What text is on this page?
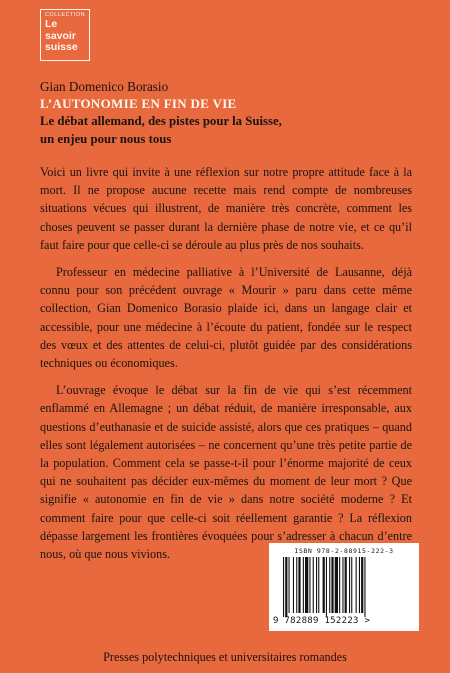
COLLECTION
Le
savoir
suisse
Gian Domenico Borasio
L’AUTONOMIE EN FIN DE VIE
Le débat allemand, des pistes pour la Suisse,
un enjeu pour nous tous

Voici un livre qui invite à une réflexion sur notre propre attitude face à la mort. Il ne propose aucune recette mais rend compte de nombreuses situations vécues qui illustrent, de manière très concrète, comment les choses peuvent se passer durant la dernière phase de notre vie, et ce qu’il faut faire pour que celle-ci se déroule au plus près de nos souhaits.

Professeur en médecine palliative à l’Université de Lausanne, déjà connu pour son précédent ouvrage « Mourir » paru dans cette même collection, Gian Domenico Borasio plaide ici, dans un langage clair et accessible, pour une médecine à l’écoute du patient, fondée sur le respect des vœux et des attentes de celui-ci, plutôt guidée par des considérations techniques ou économiques.

L’ouvrage évoque le débat sur la fin de vie qui s’est récemment enflammé en Allemagne ; un débat réduit, de manière irresponsable, aux questions d’euthanasie et de suicide assisté, alors que ces pratiques – quand elles sont légalement autorisées – ne concernent qu’une très petite partie de la population. Comment cela se passe-t-il pour l’énorme majorité de ceux qui ne souhaitent pas décider eux-mêmes du moment de leur mort ? Que signifie « autonomie en fin de vie » dans notre société moderne ? Et comment faire pour que celle-ci soit réellement garantie ? La réflexion dépasse largement les frontières évoquées pour s’adresser à chacun d’entre nous, où que nous vivions.	ISBN 978-2-88915-222-3
9 782889 152223 >
Presses polytechniques et universitaires romandes
